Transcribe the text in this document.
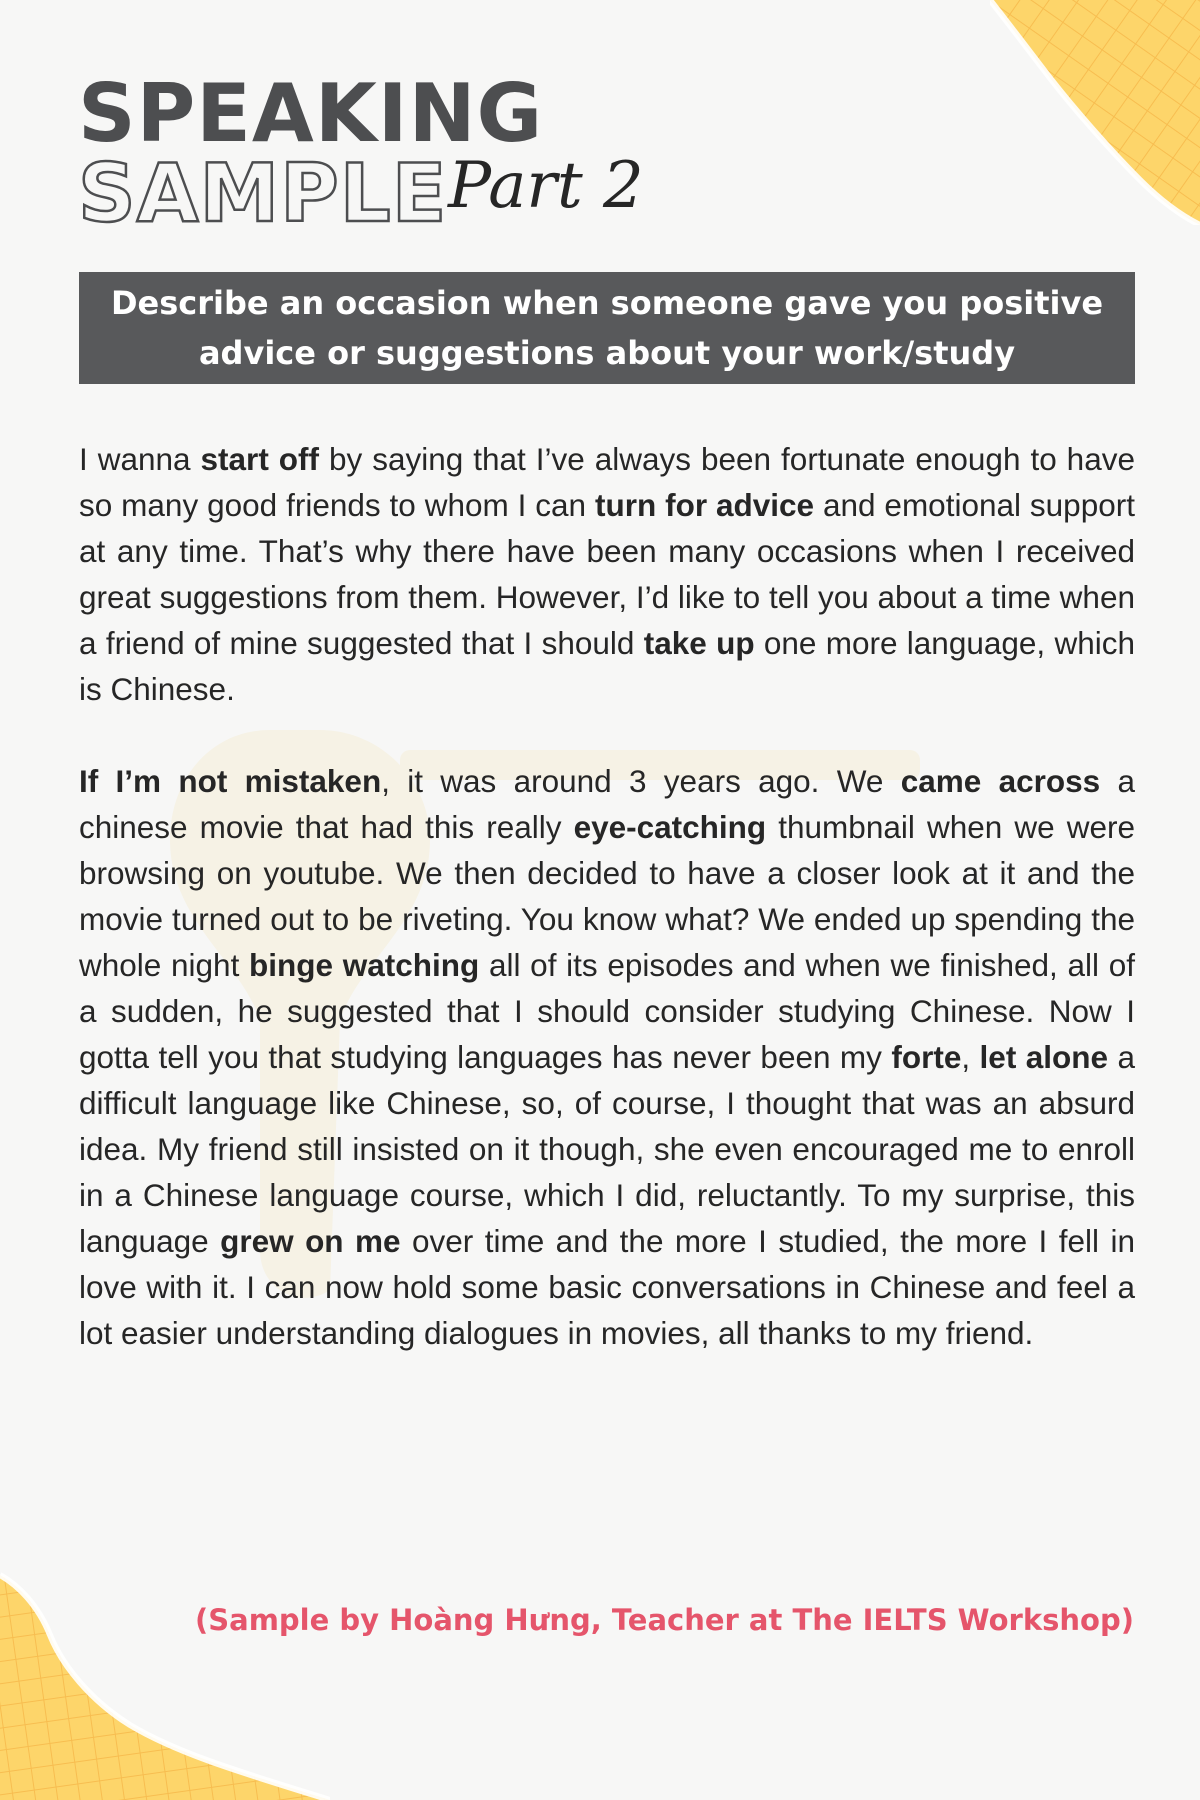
SPEAKING
SAMPLE Part 2
Describe an occasion when someone gave you positive advice or suggestions about your work/study

I wanna start off by saying that I’ve always been fortunate enough to have so many good friends to whom I can turn for advice and emotional support at any time. That’s why there have been many occasions when I received great suggestions from them. However, I’d like to tell you about a time when a friend of mine suggested that I should take up one more language, which is Chinese.

If I’m not mistaken, it was around 3 years ago. We came across a chinese movie that had this really eye-catching thumbnail when we were browsing on youtube. We then decided to have a closer look at it and the movie turned out to be riveting. You know what? We ended up spending the whole night binge watching all of its episodes and when we finished, all of a sudden, he suggested that I should consider studying Chinese. Now I gotta tell you that studying languages has never been my forte, let alone a difficult language like Chinese, so, of course, I thought that was an absurd idea. My friend still insisted on it though, she even encouraged me to enroll in a Chinese language course, which I did, reluctantly. To my surprise, this language grew on me over time and the more I studied, the more I fell in love with it. I can now hold some basic conversations in Chinese and feel a lot easier understanding dialogues in movies, all thanks to my friend.

(Sample by Hoàng Hưng, Teacher at The IELTS Workshop)
